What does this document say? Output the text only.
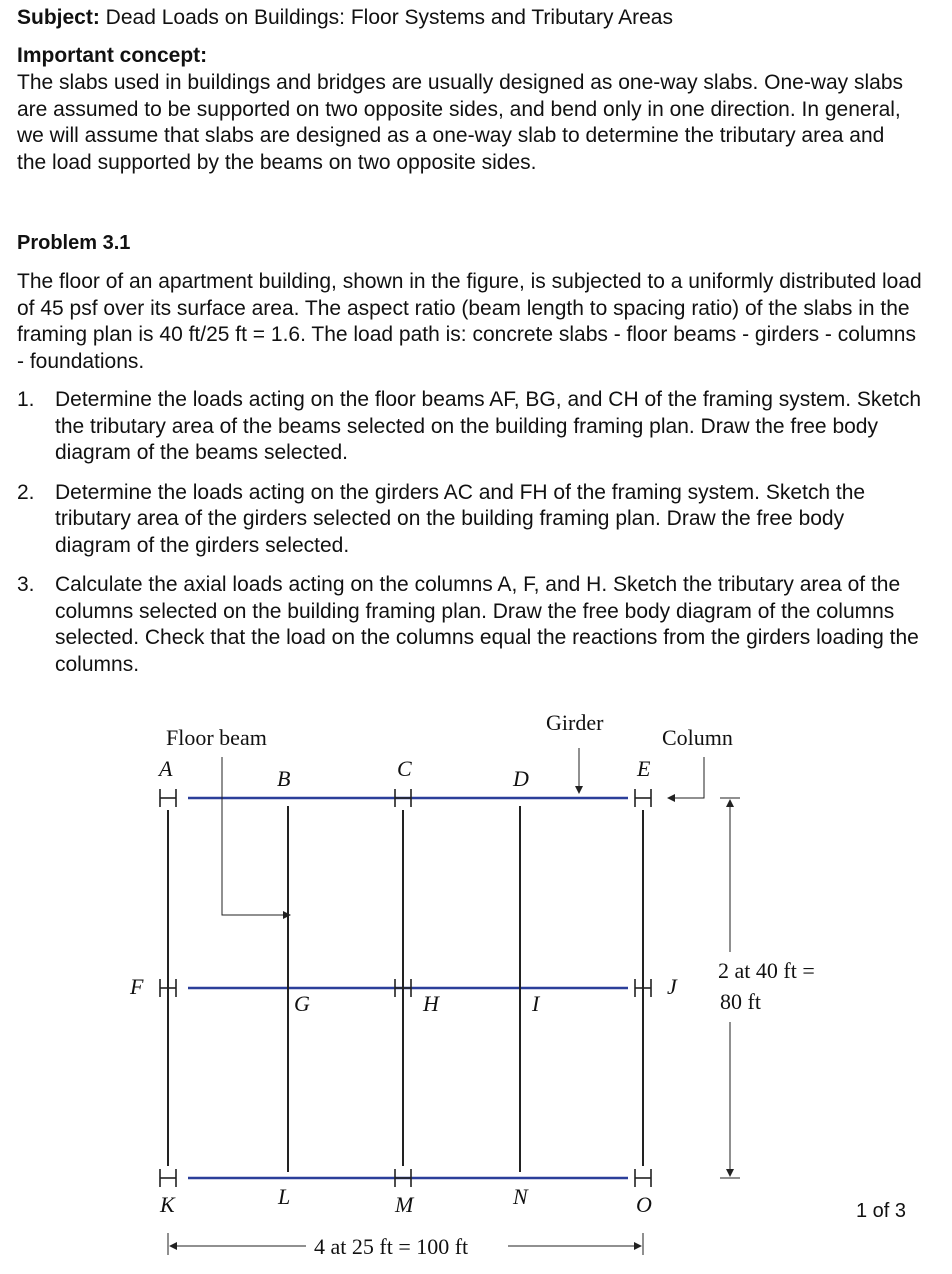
Subject: Dead Loads on Buildings: Floor Systems and Tributary Areas
Important concept:
The slabs used in buildings and bridges are usually designed as one-way slabs. One-way slabs are assumed to be supported on two opposite sides, and bend only in one direction. In general, we will assume that slabs are designed as a one-way slab to determine the tributary area and the load supported by the beams on two opposite sides.
Problem 3.1
The floor of an apartment building, shown in the figure, is subjected to a uniformly distributed load of 45 psf over its surface area. The aspect ratio (beam length to spacing ratio) of the slabs in the framing plan is 40 ft/25 ft = 1.6. The load path is: concrete slabs - floor beams - girders - columns - foundations.
1. Determine the loads acting on the floor beams AF, BG, and CH of the framing system. Sketch the tributary area of the beams selected on the building framing plan. Draw the free body diagram of the beams selected.
2. Determine the loads acting on the girders AC and FH of the framing system. Sketch the tributary area of the girders selected on the building framing plan. Draw the free body diagram of the girders selected.
3. Calculate the axial loads acting on the columns A, F, and H. Sketch the tributary area of the columns selected on the building framing plan. Draw the free body diagram of the columns selected. Check that the load on the columns equal the reactions from the girders loading the columns.
Floor beam
Girder
Column
2 at 40 ft =
80 ft
4 at 25 ft = 100 ft
A	B	C	D	E
F
G	H	I
J
K	L	M	N	O	1 of 3
